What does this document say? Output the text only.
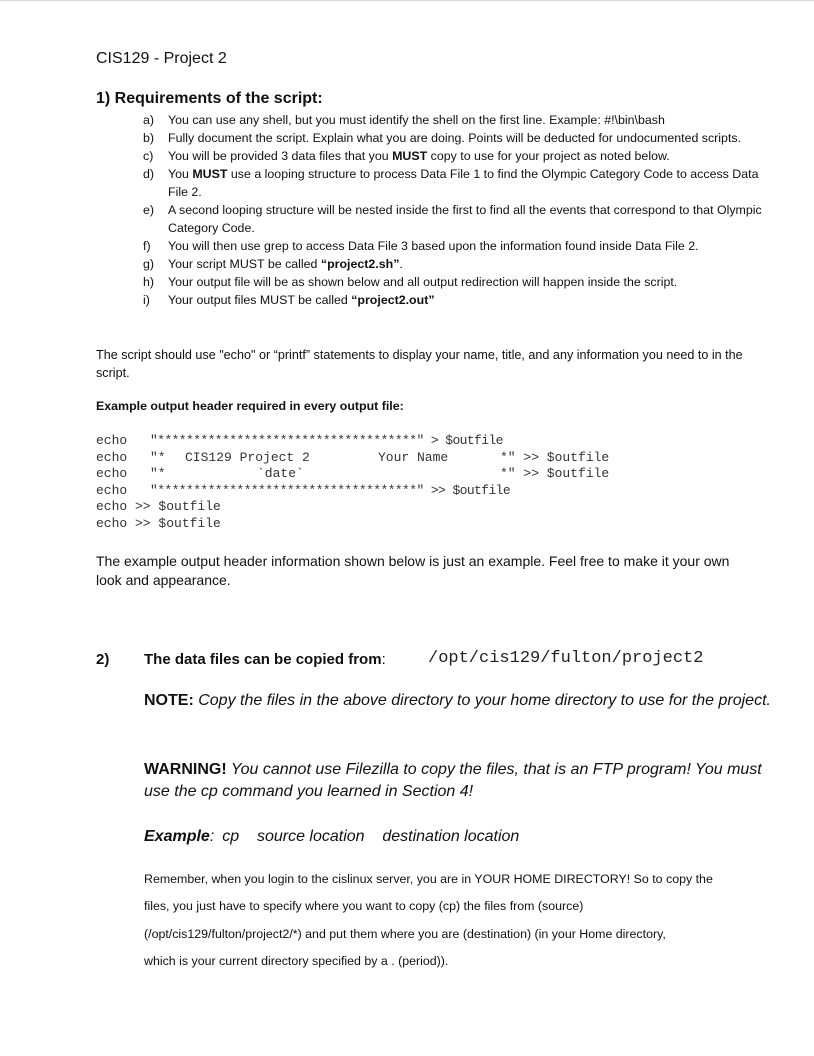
CIS129 - Project 2
1) Requirements of the script:
a) You can use any shell, but you must identify the shell on the first line. Example: #!\bin\bash
b) Fully document the script. Explain what you are doing. Points will be deducted for undocumented scripts.
c) You will be provided 3 data files that you MUST copy to use for your project as noted below.
d) You MUST use a looping structure to process Data File 1 to find the Olympic Category Code to access Data File 2.
e) A second looping structure will be nested inside the first to find all the events that correspond to that Olympic Category Code.
f) You will then use grep to access Data File 3 based upon the information found inside Data File 2.
g) Your script MUST be called “project2.sh”.
h) Your output file will be as shown below and all output redirection will happen inside the script.
i) Your output files MUST be called “project2.out”
The script should use "echo" or “printf” statements to display your name, title, and any information you need to in the script.
Example output header required in every output file:
echo "************************************" > $outfile
echo "* CIS129 Project 2	Your Name	*" >> $outfile
echo "*	`date`	*" >> $outfile
echo "************************************" >> $outfile
echo >> $outfile
echo >> $outfile
The example output header information shown below is just an example. Feel free to make it your own look and appearance.
2) The data files can be copied from: /opt/cis129/fulton/project2
NOTE: Copy the files in the above directory to your home directory to use for the project.
WARNING! You cannot use Filezilla to copy the files, that is an FTP program! You must use the cp command you learned in Section 4!
Example: cp    source location    destination location
Remember, when you login to the cislinux server, you are in YOUR HOME DIRECTORY! So to copy the
files, you just have to specify where you want to copy (cp) the files from (source)
(/opt/cis129/fulton/project2/*) and put them where you are (destination) (in your Home directory,
which is your current directory specified by a . (period)).
